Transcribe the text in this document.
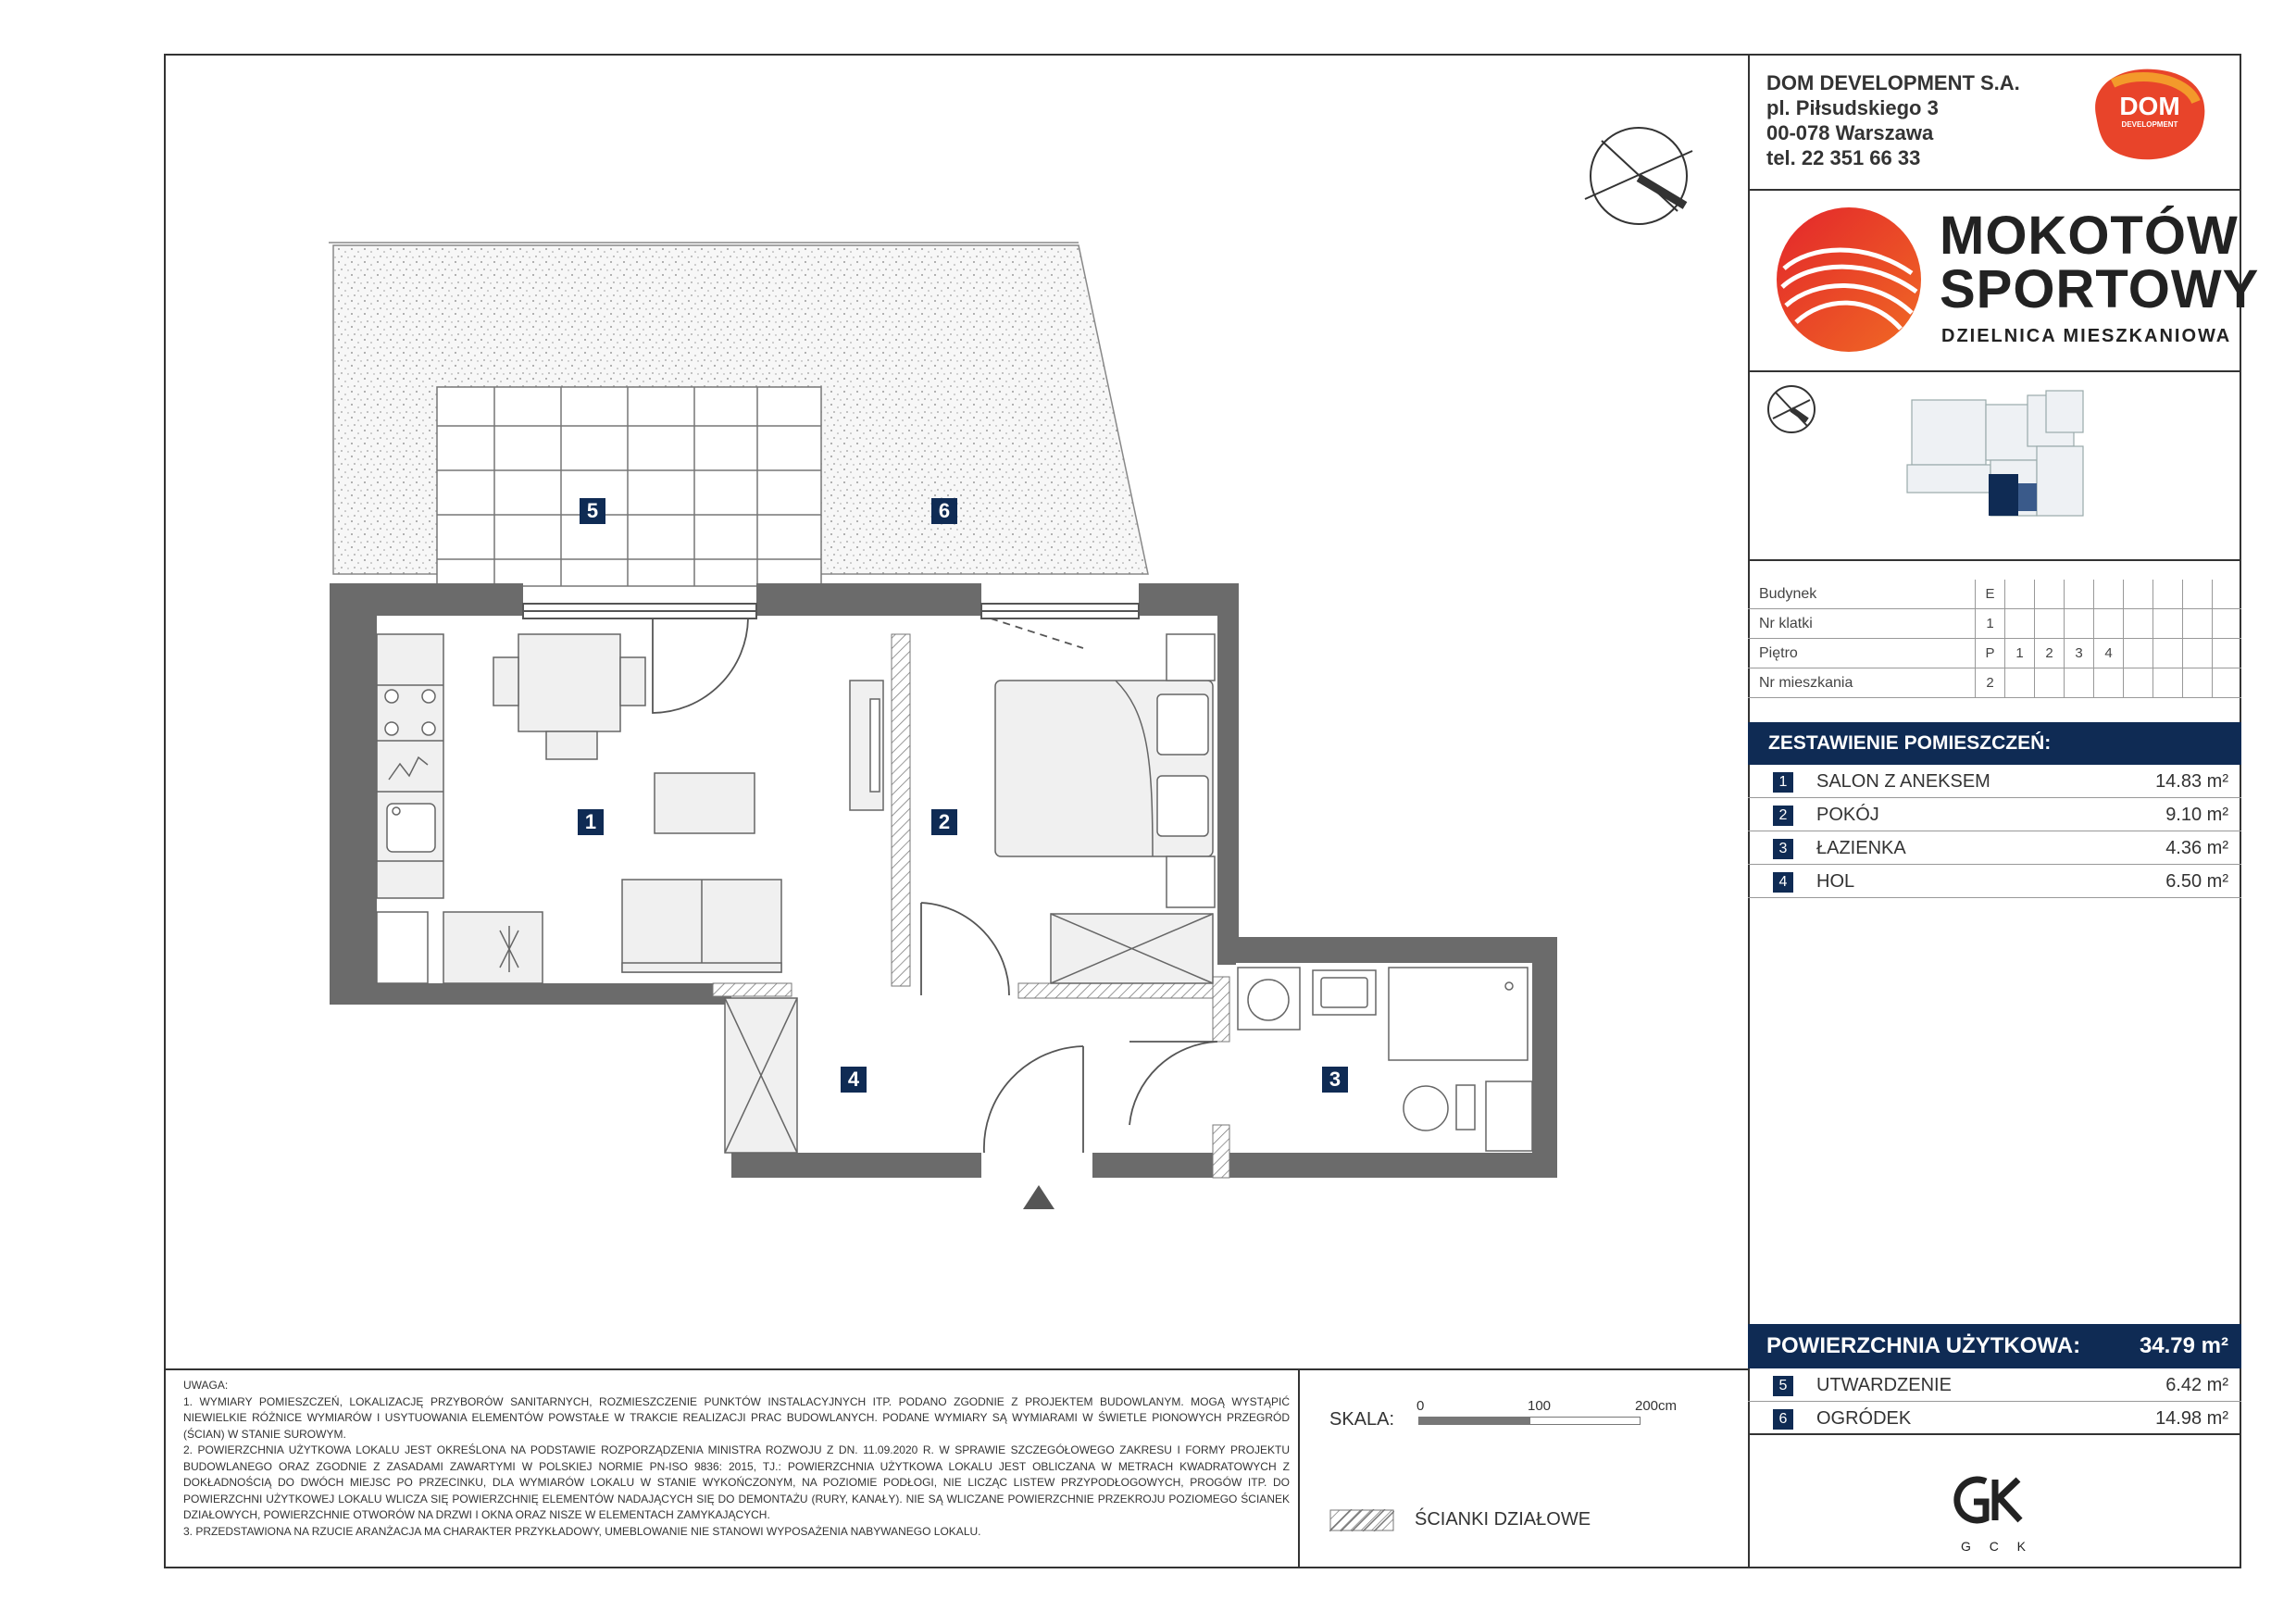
1	2
3
4
5	6
DOM DEVELOPMENT S.A.
pl. Piłsudskiego 3
00-078 Warszawa
tel. 22 351 66 33
DOM
DEVELOPMENT
MOKOTÓW
SPORTOWY
DZIELNICA MIESZKANIOWA
Budynek	E
Nr klatki	1
Piętro	P	1	2	3	4
Nr mieszkania	2
ZESTAWIENIE POMIESZCZEŃ:
1	SALON Z ANEKSEM	14.83 m²
2	POKÓJ	9.10 m²
3	ŁAZIENKA	4.36 m²
4	HOL	6.50 m²
POWIERZCHNIA UŻYTKOWA:	34.79 m²
5	UTWARDZENIE	6.42 m²
6	OGRÓDEK	14.98 m²
G  C  K
UWAGA:
1. WYMIARY POMIESZCZEŃ, LOKALIZACJĘ PRZYBORÓW SANITARNYCH, ROZMIESZCZENIE PUNKTÓW INSTALACYJNYCH ITP. PODANO ZGODNIE Z PROJEKTEM BUDOWLANYM. MOGĄ WYSTĄPIĆ NIEWIELKIE RÓŻNICE WYMIARÓW I USYTUOWANIA ELEMENTÓW POWSTAŁE W TRAKCIE REALIZACJI PRAC BUDOWLANYCH. PODANE WYMIARY SĄ WYMIARAMI W ŚWIETLE PIONOWYCH PRZEGRÓD (ŚCIAN) W STANIE SUROWYM.
2. POWIERZCHNIA UŻYTKOWA LOKALU JEST OKREŚLONA NA PODSTAWIE ROZPORZĄDZENIA MINISTRA ROZWOJU Z DN. 11.09.2020 R. W SPRAWIE SZCZEGÓŁOWEGO ZAKRESU I FORMY PROJEKTU BUDOWLANEGO ORAZ ZGODNIE Z ZASADAMI ZAWARTYMI W POLSKIEJ NORMIE PN-ISO 9836: 2015, TJ.: POWIERZCHNIA UŻYTKOWA LOKALU JEST OBLICZANA W METRACH KWADRATOWYCH Z DOKŁADNOŚCIĄ DO DWÓCH MIEJSC PO PRZECINKU, DLA WYMIARÓW LOKALU W STANIE WYKOŃCZONYM, NA POZIOMIE PODŁOGI, NIE LICZĄC LISTEW PRZYPODŁOGOWYCH, PROGÓW ITP. DO POWIERZCHNI UŻYTKOWEJ LOKALU WLICZA SIĘ POWIERZCHNIĘ ELEMENTÓW NADAJĄCYCH SIĘ DO DEMONTAŻU (RURY, KANAŁY). NIE SĄ WLICZANE POWIERZCHNIE PRZEKROJU POZIOMEGO ŚCIANEK DZIAŁOWYCH, POWIERZCHNIE OTWORÓW NA DRZWI I OKNA ORAZ NISZE W ELEMENTACH ZAMYKAJĄCYCH.
3. PRZEDSTAWIONA NA RZUCIE ARANŻACJA MA CHARAKTER PRZYKŁADOWY, UMEBLOWANIE NIE STANOWI WYPOSAŻENIA NABYWANEGO LOKALU.
SKALA:
0	100	200cm
ŚCIANKI DZIAŁOWE
